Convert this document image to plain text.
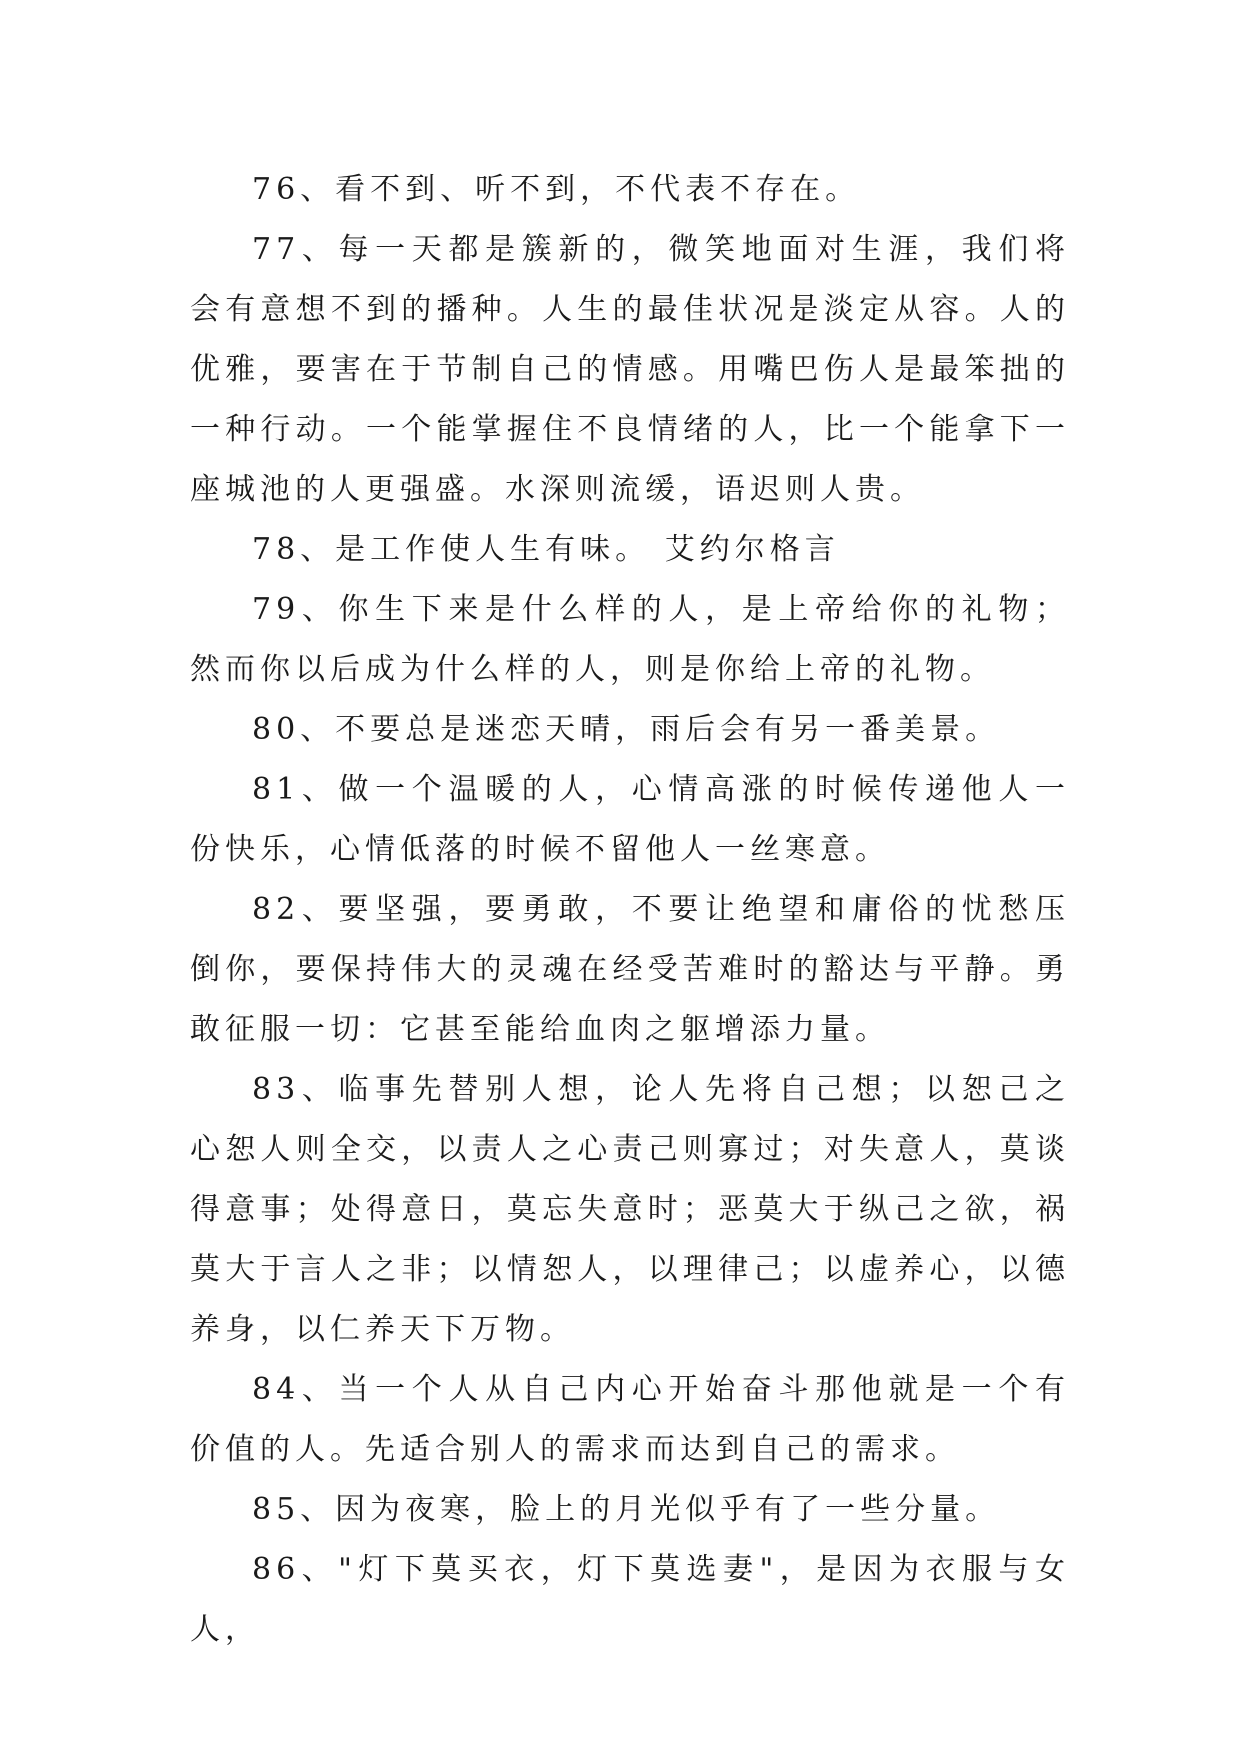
76、看不到、听不到，不代表不存在。

77、每一天都是簇新的，微笑地面对生涯，我们将会有意想不到的播种。人生的最佳状况是淡定从容。人的优雅，要害在于节制自己的情感。用嘴巴伤人是最笨拙的一种行动。一个能掌握住不良情绪的人，比一个能拿下一座城池的人更强盛。水深则流缓，语迟则人贵。

78、是工作使人生有味。 艾约尔格言

79、你生下来是什么样的人，是上帝给你的礼物；然而你以后成为什么样的人，则是你给上帝的礼物。

80、不要总是迷恋天晴，雨后会有另一番美景。

81、做一个温暖的人，心情高涨的时候传递他人一份快乐，心情低落的时候不留他人一丝寒意。

82、要坚强，要勇敢，不要让绝望和庸俗的忧愁压倒你，要保持伟大的灵魂在经受苦难时的豁达与平静。勇敢征服一切：它甚至能给血肉之躯增添力量。

83、临事先替别人想，论人先将自己想；以恕己之心恕人则全交，以责人之心责己则寡过；对失意人，莫谈得意事；处得意日，莫忘失意时；恶莫大于纵己之欲，祸莫大于言人之非；以情恕人，以理律己；以虚养心，以德养身，以仁养天下万物。

84、当一个人从自己内心开始奋斗那他就是一个有价值的人。先适合别人的需求而达到自己的需求。

85、因为夜寒，脸上的月光似乎有了一些分量。

86、"灯下莫买衣，灯下莫选妻"，是因为衣服与女人，
